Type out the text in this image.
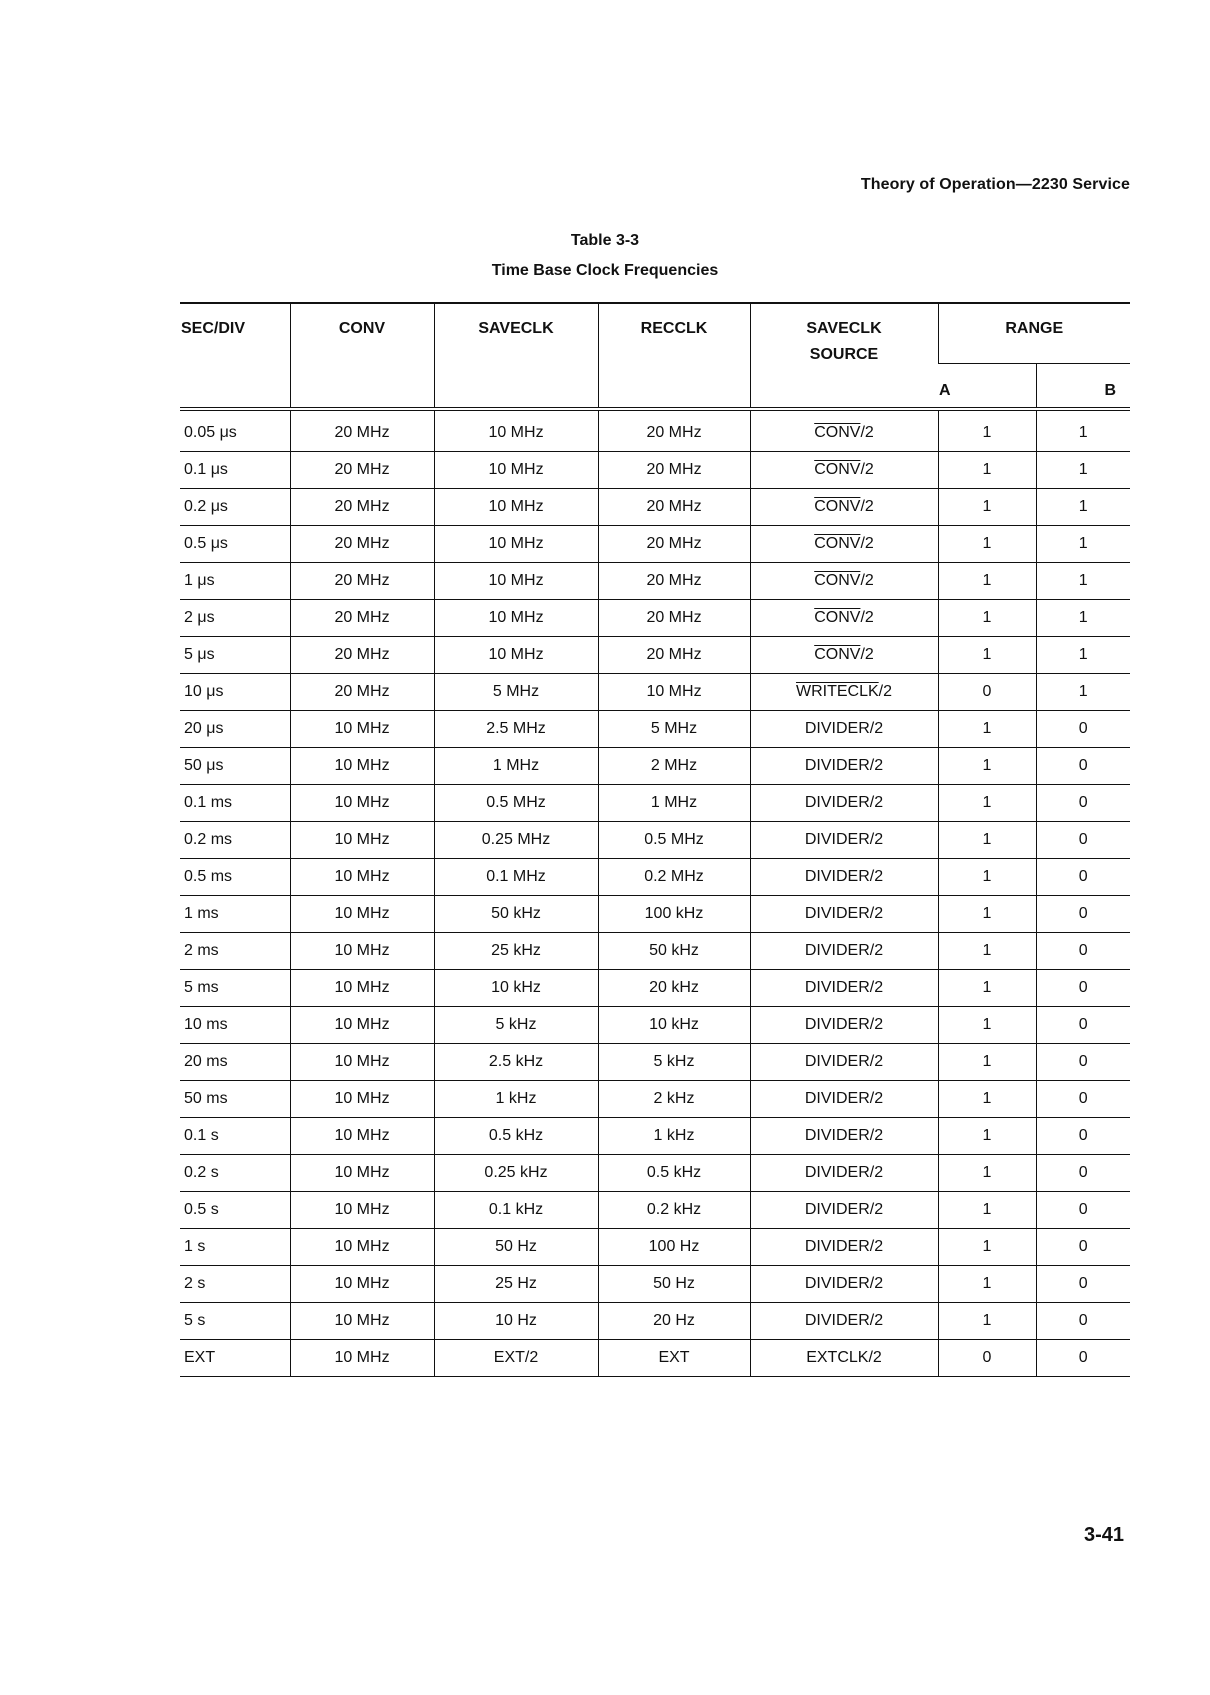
Theory of Operation—2230 Service
Table 3-3
Time Base Clock Frequencies
SEC/DIV	CONV	SAVECLK	RECCLK	SAVECLK SOURCE	RANGE	
					A	B
0.05 μs	20 MHz	10 MHz	20 MHz	CONV/2	1	1
0.1 μs	20 MHz	10 MHz	20 MHz	CONV/2	1	1
0.2 μs	20 MHz	10 MHz	20 MHz	CONV/2	1	1
0.5 μs	20 MHz	10 MHz	20 MHz	CONV/2	1	1
1 μs	20 MHz	10 MHz	20 MHz	CONV/2	1	1
2 μs	20 MHz	10 MHz	20 MHz	CONV/2	1	1
5 μs	20 MHz	10 MHz	20 MHz	CONV/2	1	1
10 μs	20 MHz	5 MHz	10 MHz	WRITECLK/2	0	1
20 μs	10 MHz	2.5 MHz	5 MHz	DIVIDER/2	1	0
50 μs	10 MHz	1 MHz	2 MHz	DIVIDER/2	1	0
0.1 ms	10 MHz	0.5 MHz	1 MHz	DIVIDER/2	1	0
0.2 ms	10 MHz	0.25 MHz	0.5 MHz	DIVIDER/2	1	0
0.5 ms	10 MHz	0.1 MHz	0.2 MHz	DIVIDER/2	1	0
1 ms	10 MHz	50 kHz	100 kHz	DIVIDER/2	1	0
2 ms	10 MHz	25 kHz	50 kHz	DIVIDER/2	1	0
5 ms	10 MHz	10 kHz	20 kHz	DIVIDER/2	1	0
10 ms	10 MHz	5 kHz	10 kHz	DIVIDER/2	1	0
20 ms	10 MHz	2.5 kHz	5 kHz	DIVIDER/2	1	0
50 ms	10 MHz	1 kHz	2 kHz	DIVIDER/2	1	0
0.1 s	10 MHz	0.5 kHz	1 kHz	DIVIDER/2	1	0
0.2 s	10 MHz	0.25 kHz	0.5 kHz	DIVIDER/2	1	0
0.5 s	10 MHz	0.1 kHz	0.2 kHz	DIVIDER/2	1	0
1 s	10 MHz	50 Hz	100 Hz	DIVIDER/2	1	0
2 s	10 MHz	25 Hz	50 Hz	DIVIDER/2	1	0
5 s	10 MHz	10 Hz	20 Hz	DIVIDER/2	1	0
EXT	10 MHz	EXT/2	EXT	EXTCLK/2	0	0
3-41
